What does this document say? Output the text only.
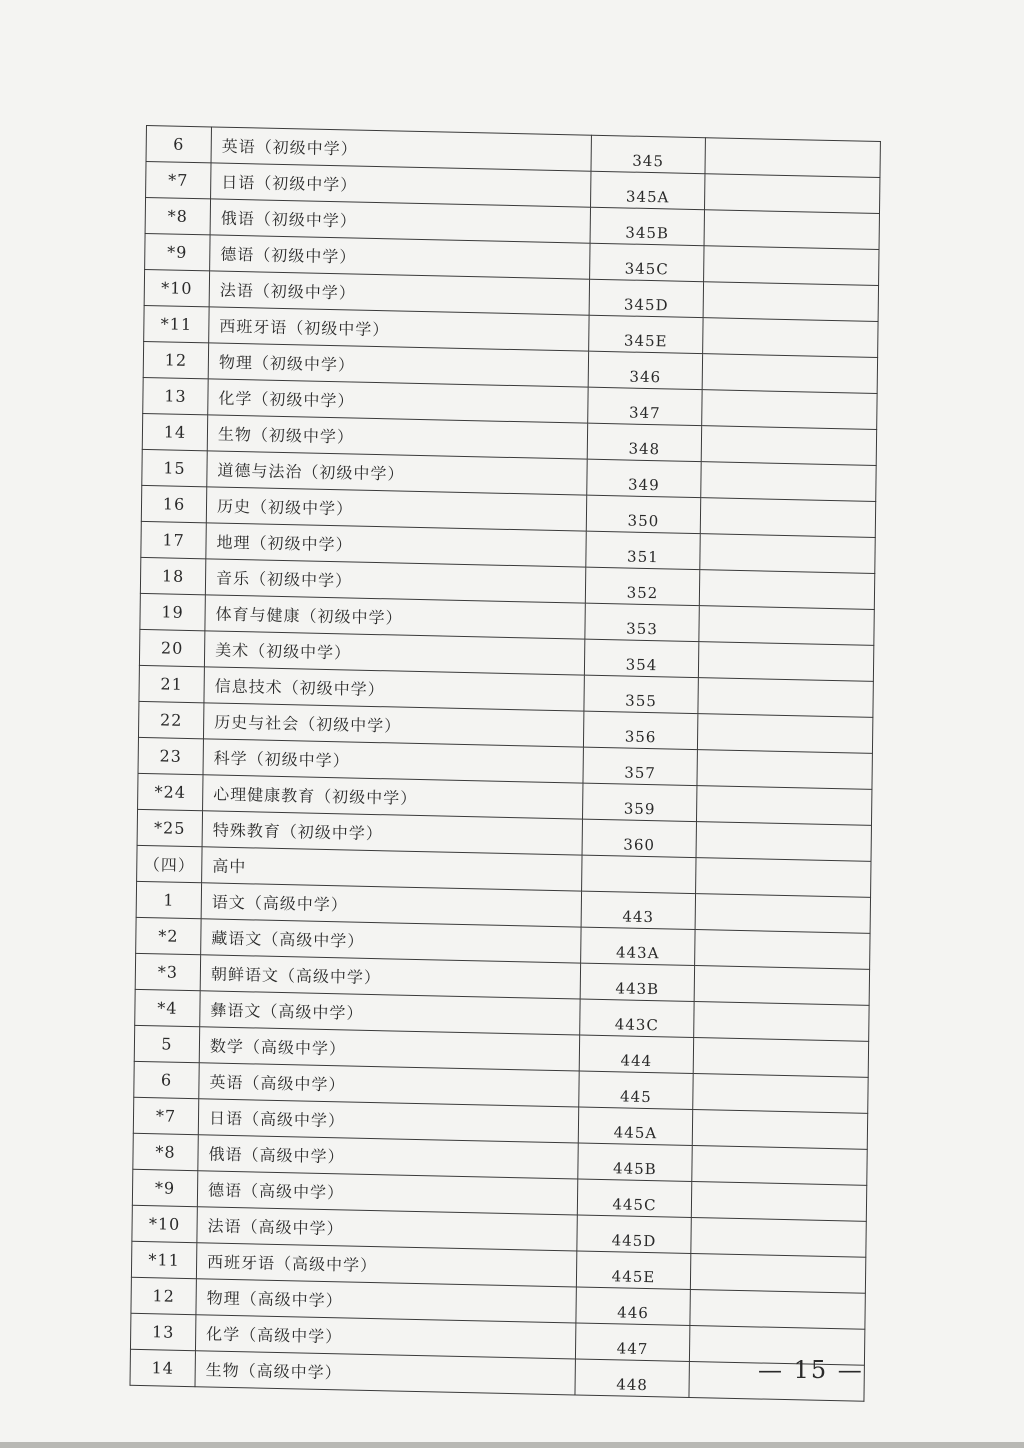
6	英语（初级中学）	345	
*7	日语（初级中学）	345A	
*8	俄语（初级中学）	345B	
*9	德语（初级中学）	345C	
*10	法语（初级中学）	345D	
*11	西班牙语（初级中学）	345E	
12	物理（初级中学）	346	
13	化学（初级中学）	347	
14	生物（初级中学）	348	
15	道德与法治（初级中学）	349	
16	历史（初级中学）	350	
17	地理（初级中学）	351	
18	音乐（初级中学）	352	
19	体育与健康（初级中学）	353	
20	美术（初级中学）	354	
21	信息技术（初级中学）	355	
22	历史与社会（初级中学）	356	
23	科学（初级中学）	357	
*24	心理健康教育（初级中学）	359	
*25	特殊教育（初级中学）	360	
（四）	高中		
1	语文（高级中学）	443	
*2	藏语文（高级中学）	443A	
*3	朝鲜语文（高级中学）	443B	
*4	彝语文（高级中学）	443C	
5	数学（高级中学）	444	
6	英语（高级中学）	445	
*7	日语（高级中学）	445A	
*8	俄语（高级中学）	445B	
*9	德语（高级中学）	445C	
*10	法语（高级中学）	445D	
*11	西班牙语（高级中学）	445E	
12	物理（高级中学）	446	
13	化学（高级中学）	447	
14	生物（高级中学）	448	
— 15 —
